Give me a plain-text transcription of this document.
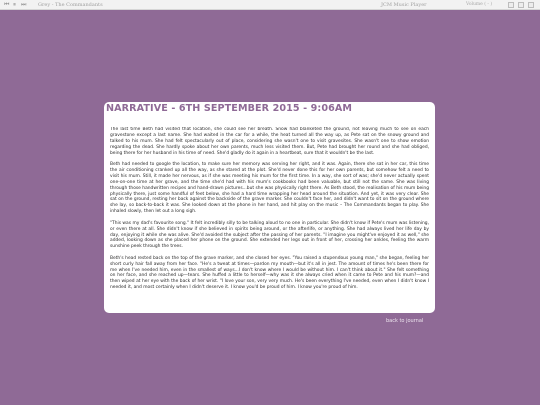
⏮ ⏸ ⏭ Grey - The Commandants	JCM Music Player	Volume ( - )
NARRATIVE - 6TH SEPTEMBER 2015 - 9:06AM

The last time Beth had visited that location, she could see her breath. Snow had blanketed the ground, not leaving much to see on each gravestone except a last name. She had waited in the car for a while, the heat turned all the way up, as Pete sat on the snowy ground and talked to his mum. She had felt spectacularly out of place, considering she wasn't one to visit gravesites. She wasn't one to show emotion regarding the dead. She hardly spoke about her own parents, much less visited them. But, Pete had brought her round and she had obliged, being there for her husband in his time of need. She'd gladly do it again in a heartbeat, sure that it wouldn't be the last.

Beth had needed to google the location, to make sure her memory was serving her right, and it was. Again, there she sat in her car, this time the air conditioning cranked up all the way, as she stared at the plot. She'd never done this for her own parents, but somehow felt a need to visit his mum. Still, it made her nervous, as if she was meeting his mum for the first time. In a way, she sort of was; she'd never actually spent one-on-one time at her grave, and the time she'd had with his mum's cookbooks had been valuable, but still not the same. She was living through those handwritten recipes and hand-drawn pictures...but she was physically right there. As Beth stood, the realisation of his mum being physically there, just some handful of feet below, she had a hard time wrapping her head around the situation. And yet, it was very clear. She sat on the ground, resting her back against the backside of the grave marker. She couldn't face her, and didn't want to sit on the ground where she lay, so back-to-back it was. She looked down at the phone in her hand, and hit play on the music – The Commandants began to play. She inhaled slowly, then let out a long sigh.

"This was my dad's favourite song." It felt incredibly silly to be talking aloud to no one in particular. She didn't know if Pete's mum was listening, or even there at all. She didn't know if she believed in spirits being around, or the afterlife, or anything. She had always lived her life day by day, enjoying it while she was alive. She'd avoided the subject after the passing of her parents. "I imagine you might've enjoyed it as well," she added, looking down as she placed her phone on the ground. She extended her legs out in front of her, crossing her ankles, feeling the warm sunshine peek through the trees.

Beth's head rested back on the top of the grave marker, and she closed her eyes. "You raised a stupendous young man," she began, feeling her short curly hair fall away from her face. "He's a tweat at times—pardon my mouth—but it's all in jest. The amount of times he's been there for me when I've needed him, even in the smallest of ways...I don't know where I would be without him. I can't think about it." She felt something on her face, and she reached up—tears. She huffed a little to herself—why was it she always cried when it came to Pete and his mum?—and then wiped at her eye with the back of her wrist. "I love your son, very very much. He's been everything I've needed, even when I didn't know I needed it, and most certainly when I didn't deserve it. I know you'd be proud of him. I know you're proud of him.

back to journal
